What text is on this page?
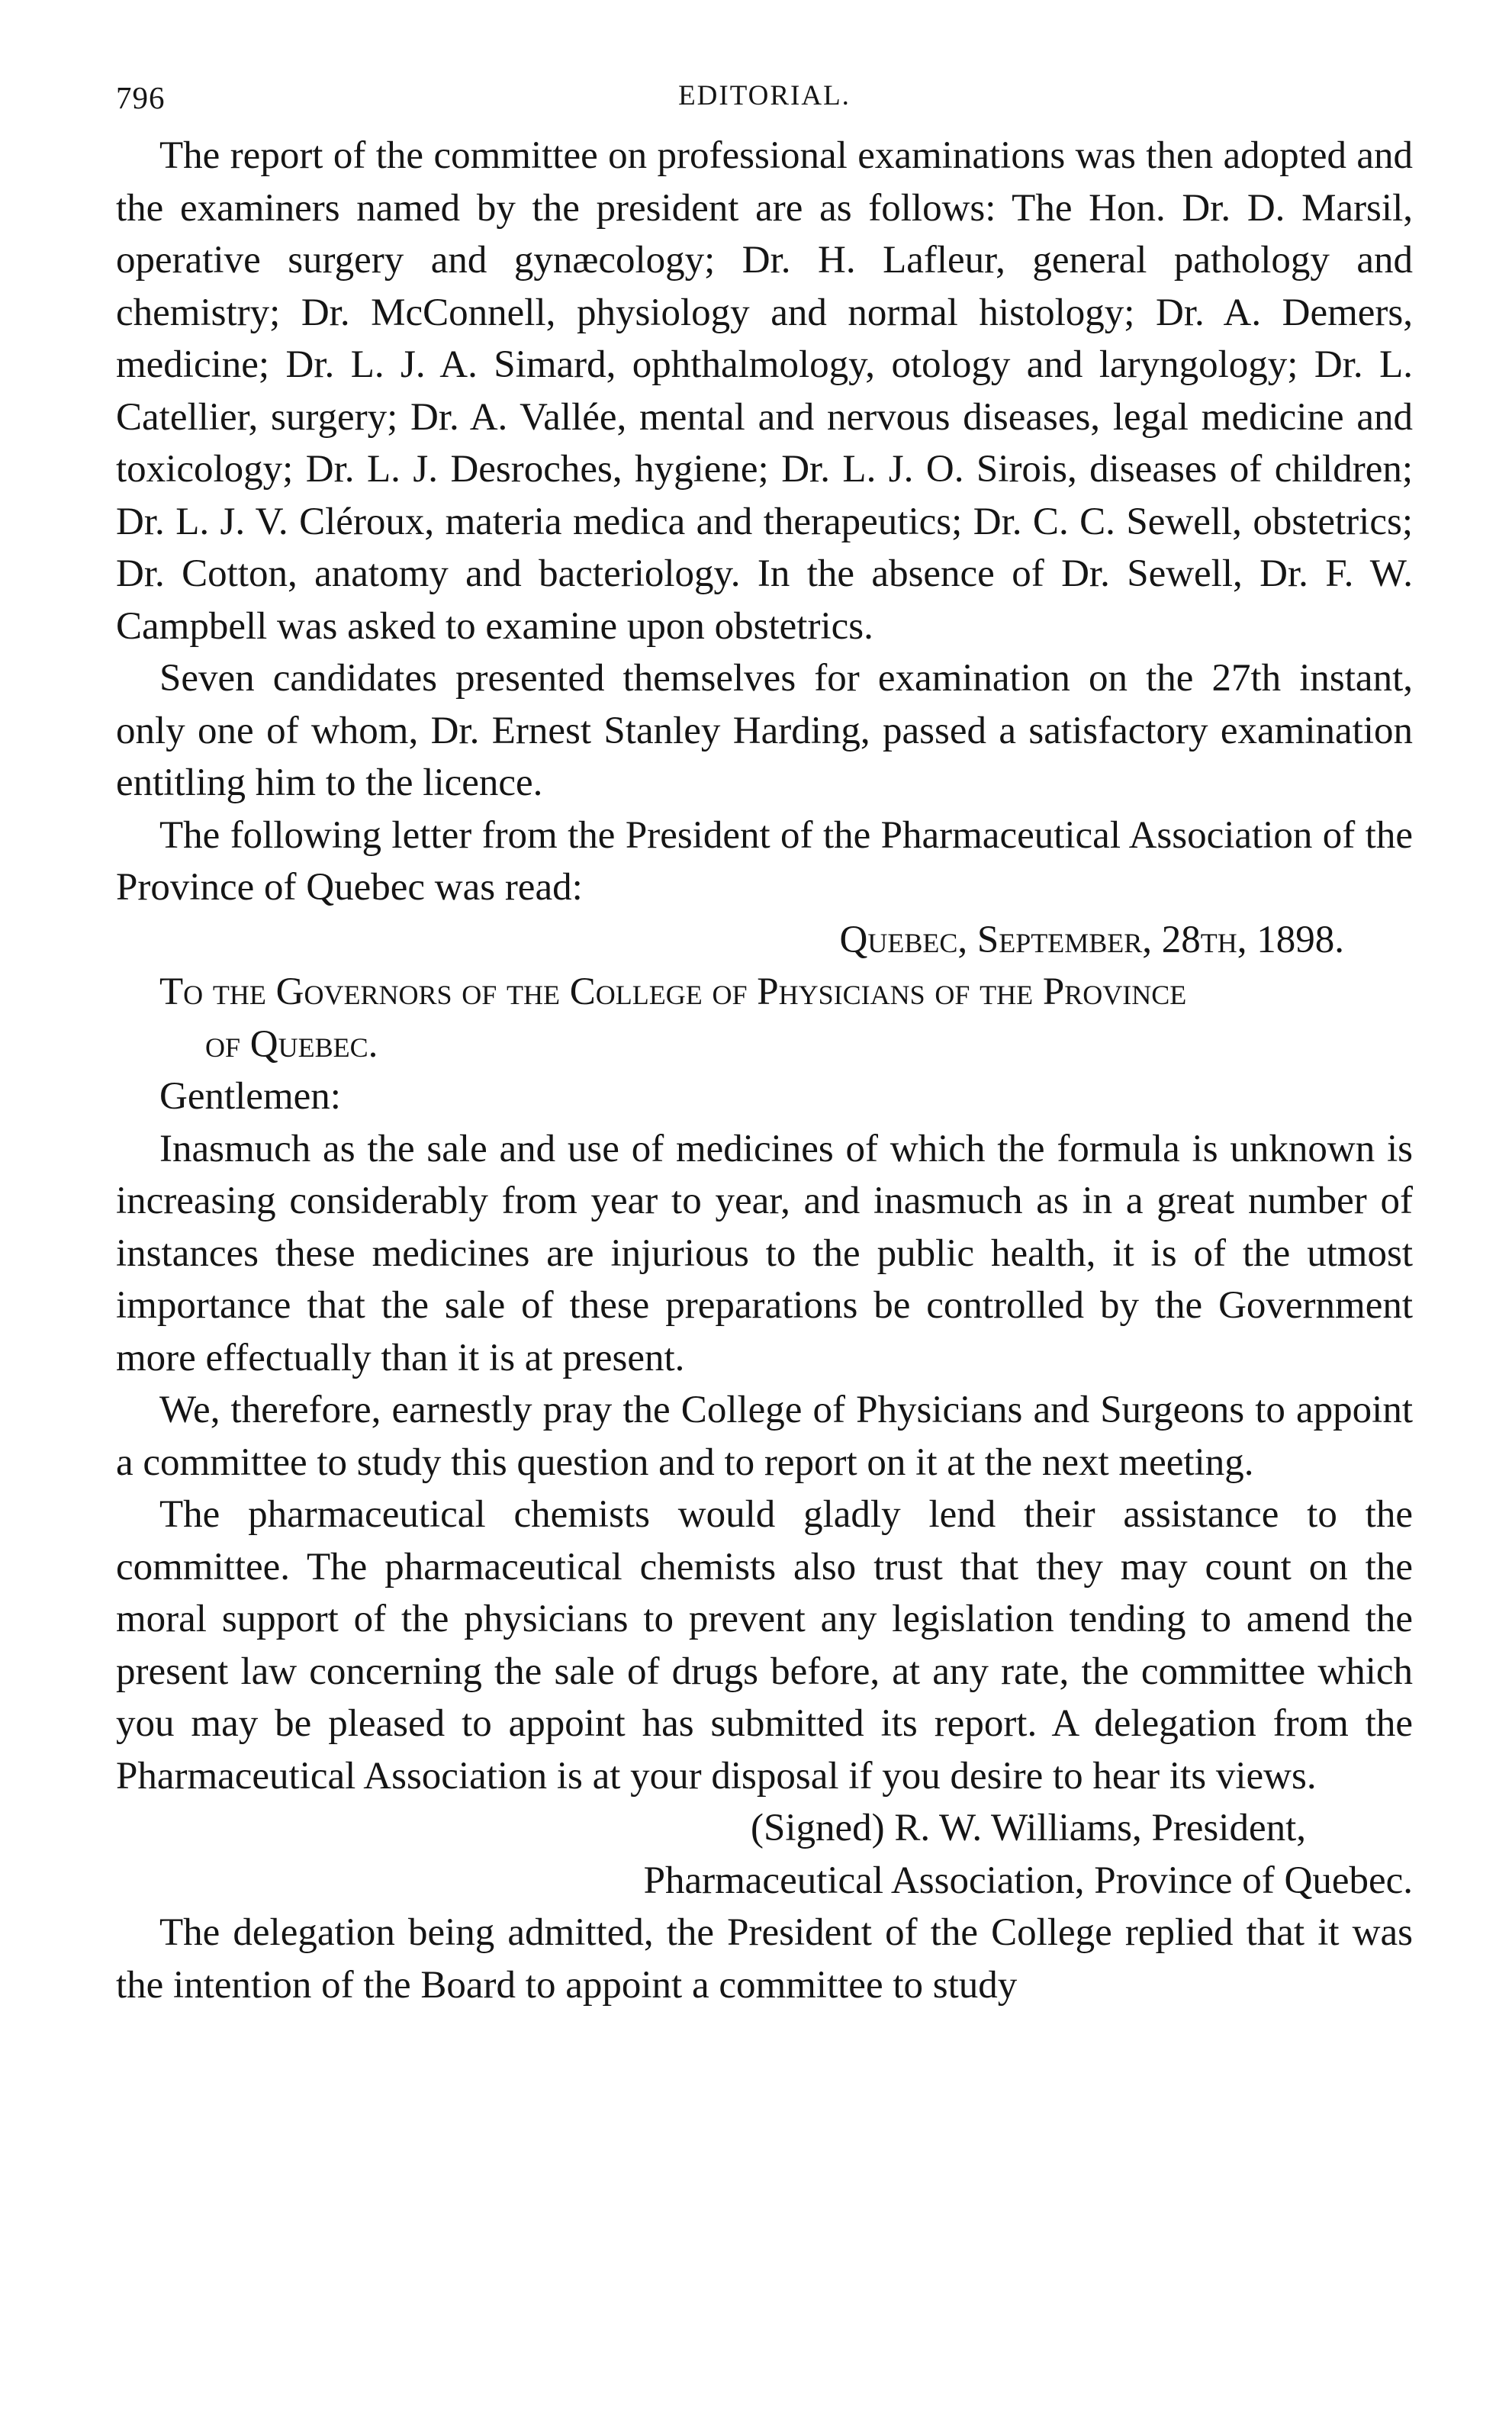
796	EDITORIAL.

The report of the committee on professional examinations was then adopted and the examiners named by the president are as follows: The Hon. Dr. D. Marsil, operative surgery and gynæcology; Dr. H. Lafleur, general pathology and chemistry; Dr. McConnell, physiology and normal histology; Dr. A. Demers, medicine; Dr. L. J. A. Simard, ophthalmology, otology and laryngology; Dr. L. Catellier, surgery; Dr. A. Vallée, mental and nervous diseases, legal medicine and toxicology; Dr. L. J. Desroches, hygiene; Dr. L. J. O. Sirois, diseases of children; Dr. L. J. V. Cléroux, materia medica and therapeutics; Dr. C. C. Sewell, obstetrics; Dr. Cotton, anatomy and bacteriology. In the absence of Dr. Sewell, Dr. F. W. Campbell was asked to examine upon obstetrics.

Seven candidates presented themselves for examination on the 27th instant, only one of whom, Dr. Ernest Stanley Harding, passed a satisfactory examination entitling him to the licence.

The following letter from the President of the Pharmaceutical Association of the Province of Quebec was read:

Quebec, September, 28th, 1898.

To the Governors of the College of Physicians of the Province

of Quebec.

Gentlemen:

Inasmuch as the sale and use of medicines of which the formula is unknown is increasing considerably from year to year, and inasmuch as in a great number of instances these medicines are injurious to the public health, it is of the utmost importance that the sale of these preparations be controlled by the Government more effectually than it is at present.

We, therefore, earnestly pray the College of Physicians and Surgeons to appoint a committee to study this question and to report on it at the next meeting.

The pharmaceutical chemists would gladly lend their assistance to the committee. The pharmaceutical chemists also trust that they may count on the moral support of the physicians to prevent any legislation tending to amend the present law concerning the sale of drugs before, at any rate, the committee which you may be pleased to appoint has submitted its report. A delegation from the Pharmaceutical Association is at your disposal if you desire to hear its views.

(Signed) R. W. Williams, President,

Pharmaceutical Association, Province of Quebec.

The delegation being admitted, the President of the College replied that it was the intention of the Board to appoint a committee to study
